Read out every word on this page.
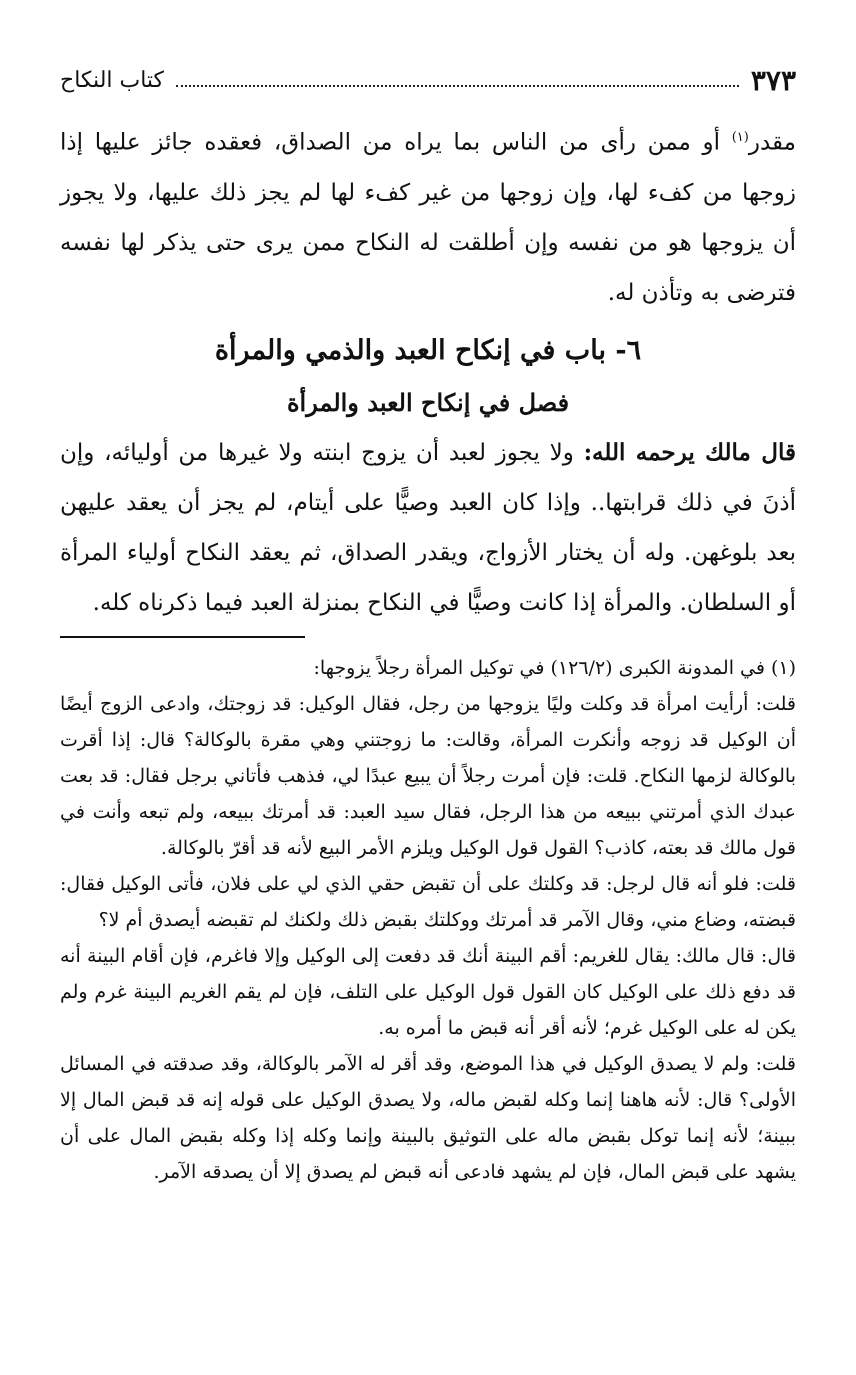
٣٧٣
كتاب النكاح

مقدر$^{(١)}$ أو ممن رأى من الناس بما يراه من الصداق، فعقده جائز عليها إذا زوجها من كفء لها، وإن زوجها من غير كفء لها لم يجز ذلك عليها، ولا يجوز أن يزوجها هو من نفسه وإن أطلقت له النكاح ممن يرى حتى يذكر لها نفسه فترضى به وتأذن له.

٦- باب في إنكاح العبد والذمي والمرأة
فصل في إنكاح العبد والمرأة

قال مالك يرحمه الله: ولا يجوز لعبد أن يزوج ابنته ولا غيرها من أوليائه، وإن أذنَ في ذلك قرابتها.. وإذا كان العبد وصيًّا على أيتام، لم يجز أن يعقد عليهن بعد بلوغهن. وله أن يختار الأزواج، ويقدر الصداق، ثم يعقد النكاح أولياء المرأة أو السلطان. والمرأة إذا كانت وصيًّا في النكاح بمنزلة العبد فيما ذكرناه كله.

(١)في المدونة الكبرى (١٢٦/٢) في توكيل المرأة رجلاً يزوجها:

قلت: أرأيت امرأة قد وكلت وليًا يزوجها من رجل، فقال الوكيل: قد زوجتك، وادعى الزوج أيضًا أن الوكيل قد زوجه وأنكرت المرأة، وقالت: ما زوجتني وهي مقرة بالوكالة؟ قال: إذا أقرت بالوكالة لزمها النكاح. قلت: فإن أمرت رجلاً أن يبيع عبدًا لي، فذهب فأتاني برجل فقال: قد بعت عبدك الذي أمرتني ببيعه من هذا الرجل، فقال سيد العبد: قد أمرتك ببيعه، ولم تبعه وأنت في قول مالك قد بعته، كاذب؟ القول قول الوكيل ويلزم الأمر البيع لأنه قد أقرّ بالوكالة.

قلت: فلو أنه قال لرجل: قد وكلتك على أن تقبض حقي الذي لي على فلان، فأتى الوكيل فقال: قبضته، وضاع مني، وقال الآمر قد أمرتك ووكلتك بقبض ذلك ولكنك لم تقبضه أيصدق أم لا؟

قال: قال مالك: يقال للغريم: أقم البينة أنك قد دفعت إلى الوكيل وإلا فاغرم، فإن أقام البينة أنه قد دفع ذلك على الوكيل كان القول قول الوكيل على التلف، فإن لم يقم الغريم البينة غرم ولم يكن له على الوكيل غرم؛ لأنه أقر أنه قبض ما أمره به.

قلت: ولم لا يصدق الوكيل في هذا الموضع، وقد أقر له الآمر بالوكالة، وقد صدقته في المسائل الأولى؟ قال: لأنه هاهنا إنما وكله لقبض ماله، ولا يصدق الوكيل على قوله إنه قد قبض المال إلا ببينة؛ لأنه إنما توكل بقبض ماله على التوثيق بالبينة وإنما وكله إذا وكله بقبض المال على أن يشهد على قبض المال، فإن لم يشهد فادعى أنه قبض لم يصدق إلا أن يصدقه الآمر.
